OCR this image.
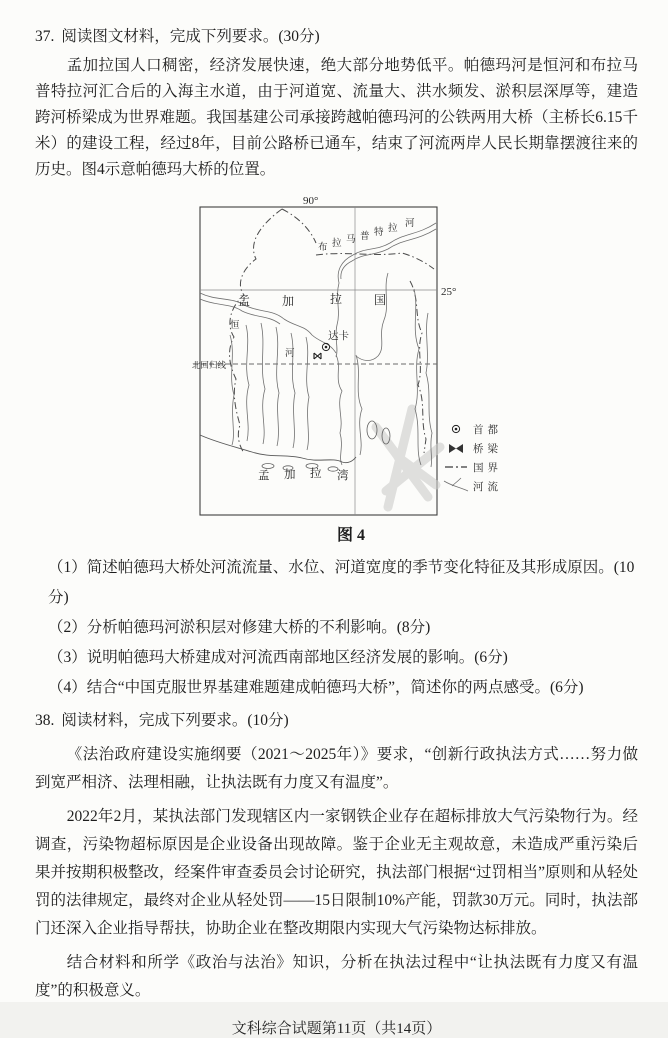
37. 阅读图文材料，完成下列要求。(30分)

孟加拉国人口稠密，经济发展快速，绝大部分地势低平。帕德玛河是恒河和布拉马普特拉河汇合后的入海主水道，由于河道宽、流量大、洪水频发、淤积层深厚等，建造跨河桥梁成为世界难题。我国基建公司承接跨越帕德玛河的公铁两用大桥（主桥长6.15千米）的建设工程，经过8年，目前公路桥已通车，结束了河流两岸人民长期靠摆渡往来的历史。图4示意帕德玛大桥的位置。

90°
25°
北回归线
达卡
布 拉 马 普 特 拉 河
恒
河
孟	加	拉	国
孟 加 拉 湾
首都
桥梁
国界
河流
图 4
（1）简述帕德玛大桥处河流流量、水位、河道宽度的季节变化特征及其形成原因。(10分)
（2）分析帕德玛河淤积层对修建大桥的不利影响。(8分)
（3）说明帕德玛大桥建成对河流西南部地区经济发展的影响。(6分)
（4）结合“中国克服世界基建难题建成帕德玛大桥”，简述你的两点感受。(6分)
38. 阅读材料，完成下列要求。(10分)

《法治政府建设实施纲要（2021～2025年）》要求，“创新行政执法方式……努力做到宽严相济、法理相融，让执法既有力度又有温度”。

2022年2月，某执法部门发现辖区内一家钢铁企业存在超标排放大气污染物行为。经调查，污染物超标原因是企业设备出现故障。鉴于企业无主观故意，未造成严重污染后果并按期积极整改，经案件审查委员会讨论研究，执法部门根据“过罚相当”原则和从轻处罚的法律规定，最终对企业从轻处罚——15日限制10%产能，罚款30万元。同时，执法部门还深入企业指导帮扶，协助企业在整改期限内实现大气污染物达标排放。

结合材料和所学《政治与法治》知识，分析在执法过程中“让执法既有力度又有温度”的积极意义。

文科综合试题第11页（共14页）
